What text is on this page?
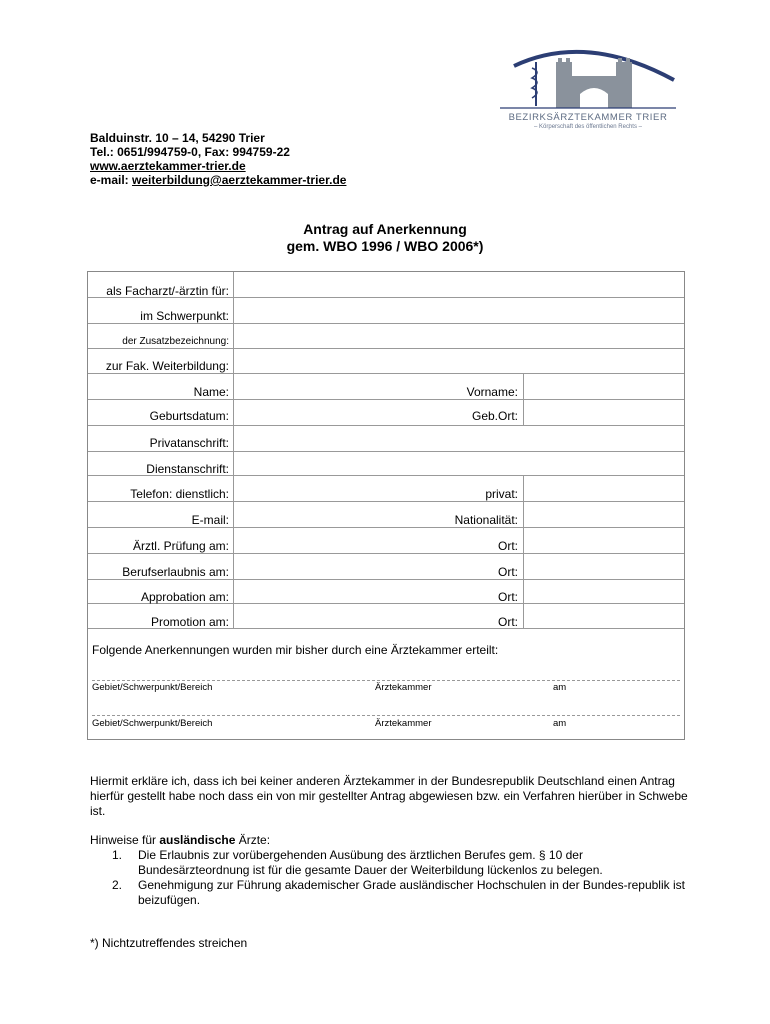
BEZIRKSÄRZTEKAMMER TRIER
– Körperschaft des öffentlichen Rechts –
Balduinstr. 10 – 14, 54290 Trier
Tel.: 0651/994759-0, Fax: 994759-22
www.aerztekammer-trier.de
e-mail: weiterbildung@aerztekammer-trier.de
Antrag auf Anerkennung
gem. WBO 1996 / WBO 2006*)
als Facharzt/-ärztin für:
im Schwerpunkt:
der Zusatzbezeichnung:
zur Fak. Weiterbildung:
Name:	Vorname:
Geburtsdatum:	Geb.Ort:
Privatanschrift:
Dienstanschrift:
Telefon: dienstlich:	privat:
E-mail:	Nationalität:
Ärztl. Prüfung am:	Ort:
Berufserlaubnis am:	Ort:
Approbation am:	Ort:
Promotion am:	Ort:
Folgende Anerkennungen wurden mir bisher durch eine Ärztekammer erteilt:
Gebiet/Schwerpunkt/Bereich	Ärztekammer	am
Gebiet/Schwerpunkt/Bereich	Ärztekammer	am
Hiermit erkläre ich, dass ich bei keiner anderen Ärztekammer in der Bundesrepublik Deutschland einen Antrag hierfür gestellt habe noch dass ein von mir gestellter Antrag abgewiesen bzw. ein Verfahren hierüber in Schwebe ist.
Hinweise für ausländische Ärzte:
1. Die Erlaubnis zur vorübergehenden Ausübung des ärztlichen Berufes gem. § 10 der Bundesärzteordnung ist für die gesamte Dauer der Weiterbildung lückenlos zu belegen.
2. Genehmigung zur Führung akademischer Grade ausländischer Hochschulen in der Bundes-republik ist beizufügen.
*) Nichtzutreffendes streichen
